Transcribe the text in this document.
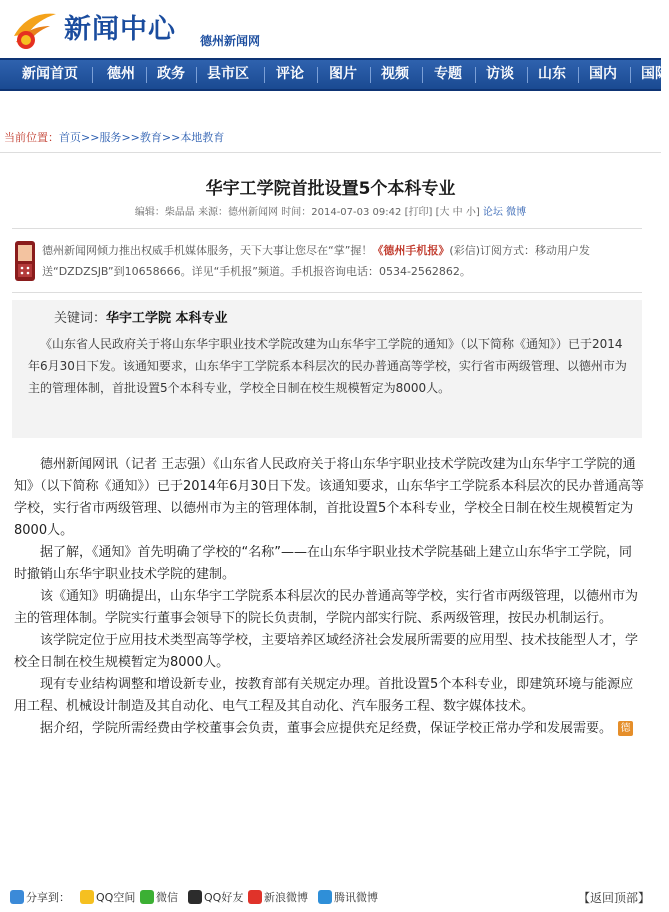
新闻中心 德州新闻网
新闻首页 德州 政务 县市区 评论 图片 视频 专题 访谈 山东 国内 国际
当前位置：首页>>服务>>教育>>本地教育
华宇工学院首批设置5个本科专业
编辑：柴晶晶 来源：德州新闻网 时间：2014-07-03 09:42 [打印] [大 中 小] 论坛 微博
德州新闻网倾力推出权威手机媒体服务，天下大事让您尽在“掌”握！《德州手机报》(彩信)订阅方式：移动用户发送“DZDZSJB”到10658666。详见“手机报”频道。手机报咨询电话：0534-2562862。
关键词：华宇工学院 本科专业
《山东省人民政府关于将山东华宇职业技术学院改建为山东华宇工学院的通知》（以下简称《通知》）已于2014年6月30日下发。该通知要求，山东华宇工学院系本科层次的民办普通高等学校，实行省市两级管理、以德州市为主的管理体制，首批设置5个本科专业，学校全日制在校生规模暂定为8000人。

德州新闻网讯（记者 王志强）《山东省人民政府关于将山东华宇职业技术学院改建为山东华宇工学院的通知》（以下简称《通知》）已于2014年6月30日下发。该通知要求，山东华宇工学院系本科层次的民办普通高等学校，实行省市两级管理、以德州市为主的管理体制，首批设置5个本科专业，学校全日制在校生规模暂定为8000人。

据了解，《通知》首先明确了学校的“名称”——在山东华宇职业技术学院基础上建立山东华宇工学院，同时撤销山东华宇职业技术学院的建制。

该《通知》明确提出，山东华宇工学院系本科层次的民办普通高等学校，实行省市两级管理，以德州市为主的管理体制。学院实行董事会领导下的院长负责制，学院内部实行院、系两级管理，按民办机制运行。

该学院定位于应用技术类型高等学校，主要培养区域经济社会发展所需要的应用型、技术技能型人才，学校全日制在校生规模暂定为8000人。

现有专业结构调整和增设新专业，按教育部有关规定办理。首批设置5个本科专业，即建筑环境与能源应用工程、机械设计制造及其自动化、电气工程及其自动化、汽车服务工程、数字媒体技术。

据介绍，学院所需经费由学校董事会负责，董事会应提供充足经费，保证学校正常办学和发展需要。 德

分享到：	QQ空间	微信	QQ好友	新浪微博	腾讯微博	【返回顶部】
